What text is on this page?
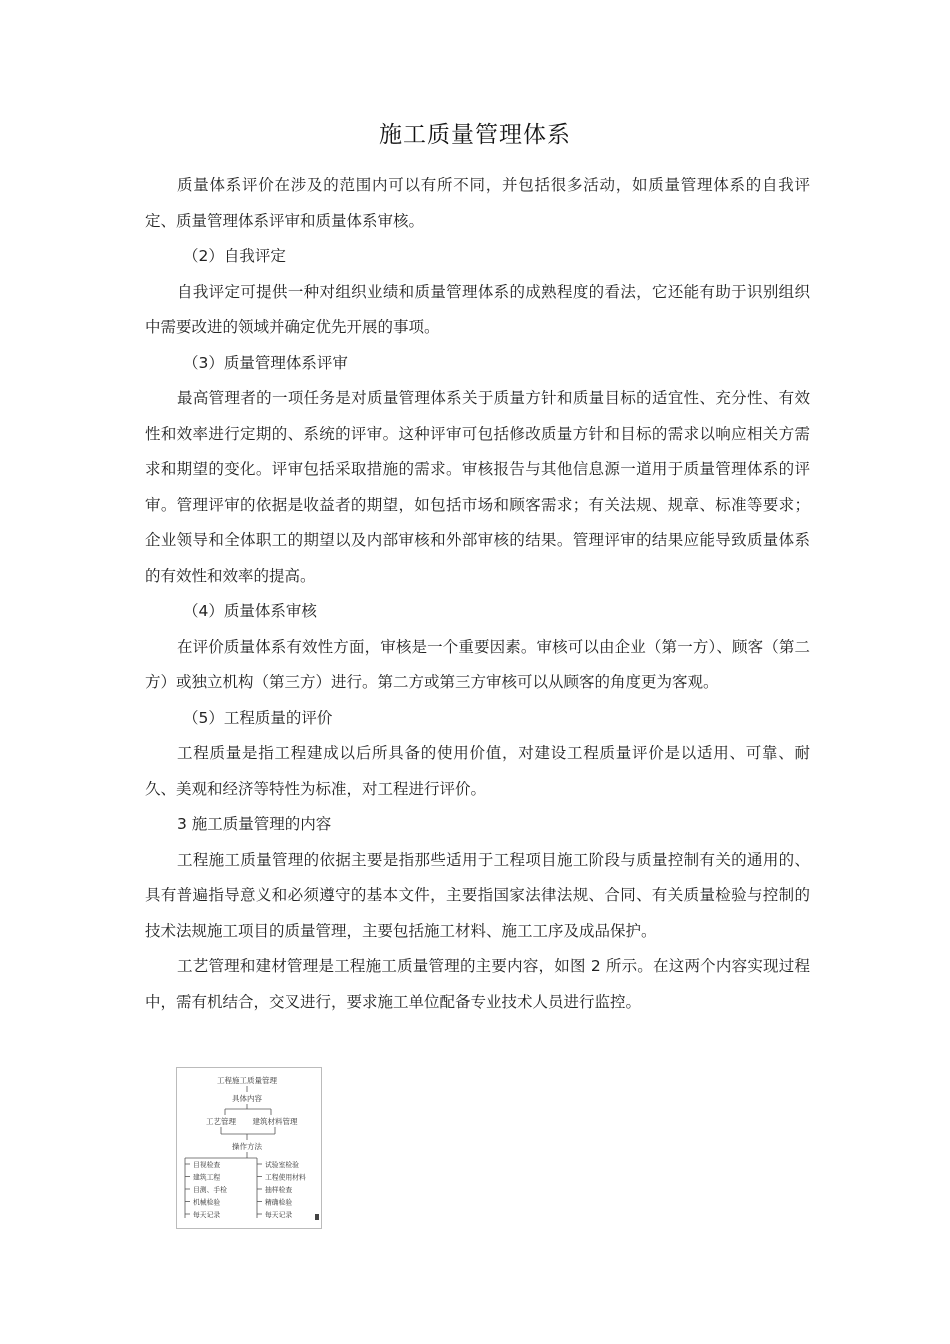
施工质量管理体系

质量体系评价在涉及的范围内可以有所不同，并包括很多活动，如质量管理体系的自我评定、质量管理体系评审和质量体系审核。

（2）自我评定

自我评定可提供一种对组织业绩和质量管理体系的成熟程度的看法，它还能有助于识别组织中需要改进的领域并确定优先开展的事项。

（3）质量管理体系评审

最高管理者的一项任务是对质量管理体系关于质量方针和质量目标的适宜性、充分性、有效性和效率进行定期的、系统的评审。这种评审可包括修改质量方针和目标的需求以响应相关方需求和期望的变化。评审包括采取措施的需求。审核报告与其他信息源一道用于质量管理体系的评审。管理评审的依据是收益者的期望，如包括市场和顾客需求；有关法规、规章、标准等要求；企业领导和全体职工的期望以及内部审核和外部审核的结果。管理评审的结果应能导致质量体系的有效性和效率的提高。

（4）质量体系审核

在评价质量体系有效性方面，审核是一个重要因素。审核可以由企业（第一方）、顾客（第二方）或独立机构（第三方）进行。第二方或第三方审核可以从顾客的角度更为客观。

（5）工程质量的评价

工程质量是指工程建成以后所具备的使用价值，对建设工程质量评价是以适用、可靠、耐久、美观和经济等特性为标准，对工程进行评价。

3 施工质量管理的内容

工程施工质量管理的依据主要是指那些适用于工程项目施工阶段与质量控制有关的通用的、具有普遍指导意义和必须遵守的基本文件，主要指国家法律法规、合同、有关质量检验与控制的技术法规施工项目的质量管理，主要包括施工材料、施工工序及成品保护。

工艺管理和建材管理是工程施工质量管理的主要内容，如图 2 所示。在这两个内容实现过程中，需有机结合，交叉进行，要求施工单位配备专业技术人员进行监控。

工程施工质量管理
具体内容
工艺管理 建筑材料管理
操作方法
目视检查
建筑工程
目测、手检
机械检验
每天记录
试验室检验
工程使用材料
抽样检查
精确检验
每天记录
